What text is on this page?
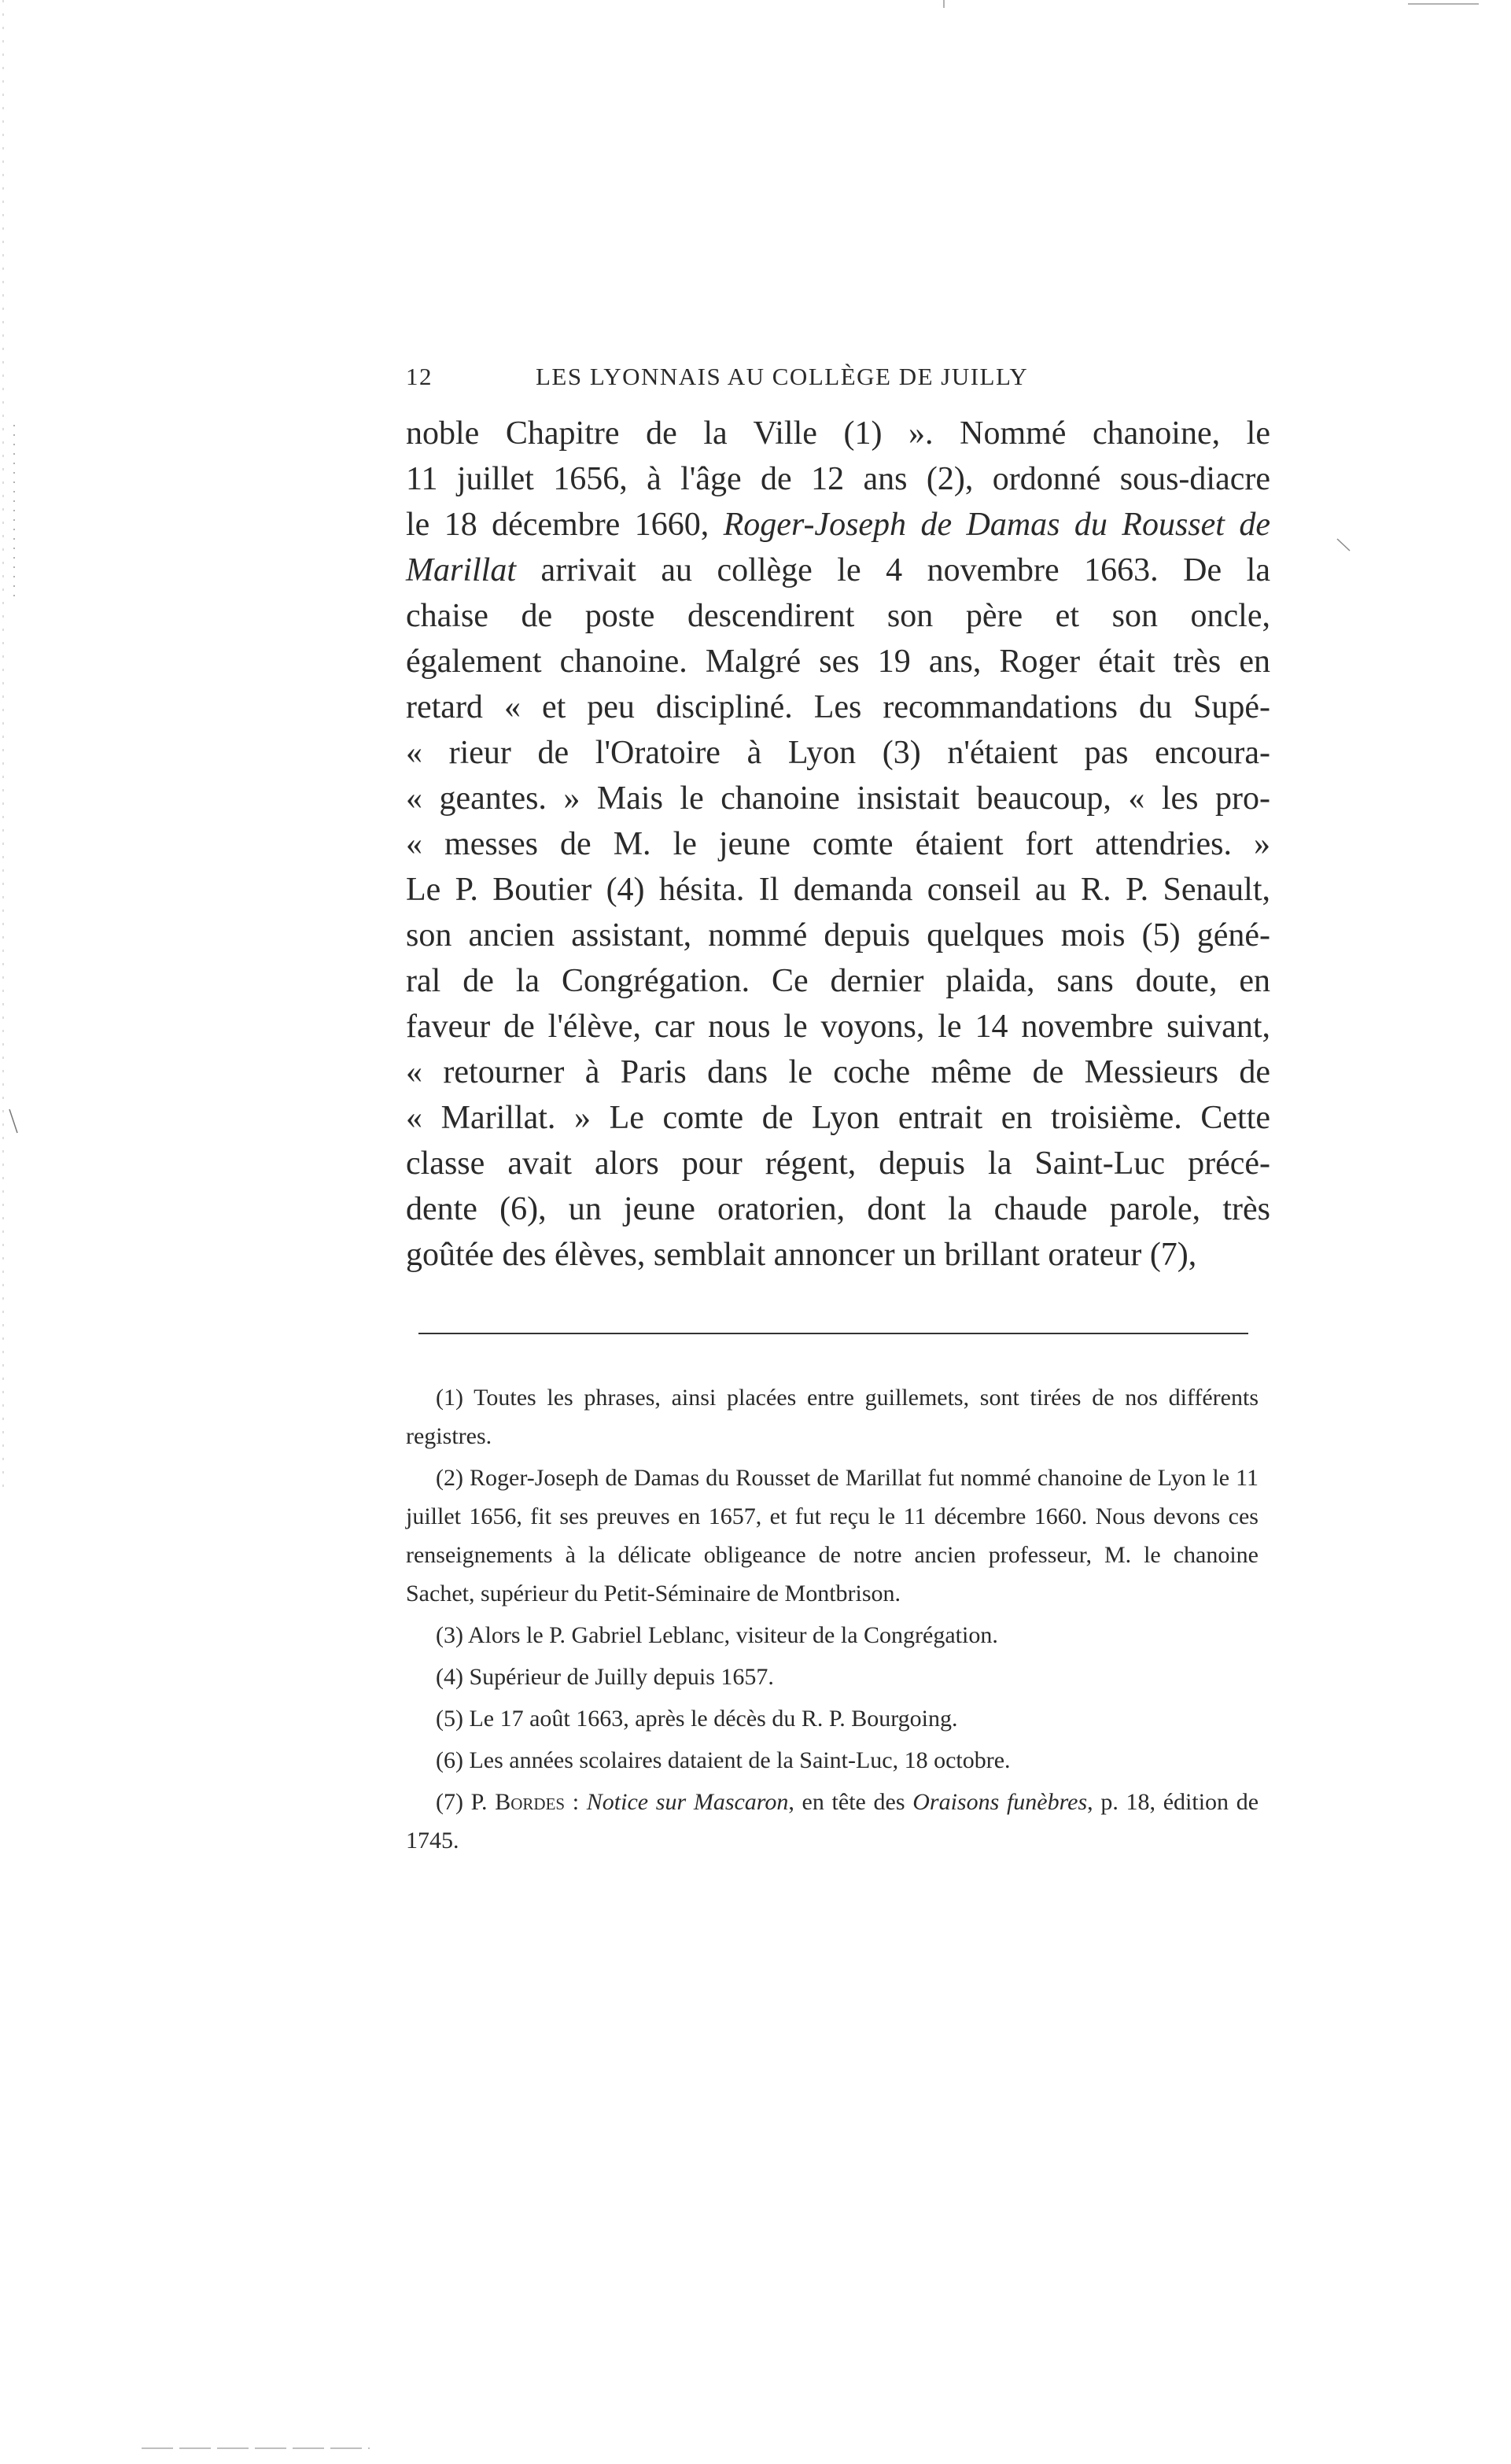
12	LES LYONNAIS AU COLLÈGE DE JUILLY
noble Chapitre de la Ville (1) ». Nommé chanoine, le
11 juillet 1656, à l'âge de 12 ans (2), ordonné sous-diacre
le 18 décembre 1660, Roger-Joseph de Damas du Rousset de
Marillat arrivait au collège le 4 novembre 1663. De la
chaise de poste descendirent son père et son oncle,
également chanoine. Malgré ses 19 ans, Roger était très en
retard « et peu discipliné. Les recommandations du Supé-
« rieur de l'Oratoire à Lyon (3) n'étaient pas encoura-
« geantes. » Mais le chanoine insistait beaucoup, « les pro-
« messes de M. le jeune comte étaient fort attendries. »
Le P. Boutier (4) hésita. Il demanda conseil au R. P. Senault,
son ancien assistant, nommé depuis quelques mois (5) géné-
ral de la Congrégation. Ce dernier plaida, sans doute, en
faveur de l'élève, car nous le voyons, le 14 novembre suivant,
« retourner à Paris dans le coche même de Messieurs de
« Marillat. » Le comte de Lyon entrait en troisième. Cette
classe avait alors pour régent, depuis la Saint-Luc précé-
dente (6), un jeune oratorien, dont la chaude parole, très
goûtée des élèves, semblait annoncer un brillant orateur (7),

(1) Toutes les phrases, ainsi placées entre guillemets, sont tirées de nos différents registres.

(2) Roger-Joseph de Damas du Rousset de Marillat fut nommé chanoine de Lyon le 11 juillet 1656, fit ses preuves en 1657, et fut reçu le 11 décembre 1660. Nous devons ces renseignements à la délicate obligeance de notre ancien professeur, M. le chanoine Sachet, supérieur du Petit-Séminaire de Montbrison.

(3) Alors le P. Gabriel Leblanc, visiteur de la Congrégation.

(4) Supérieur de Juilly depuis 1657.

(5) Le 17 août 1663, après le décès du R. P. Bourgoing.

(6) Les années scolaires dataient de la Saint-Luc, 18 octobre.

(7) P. Bordes : Notice sur Mascaron, en tête des Oraisons funèbres, p. 18, édition de 1745.
